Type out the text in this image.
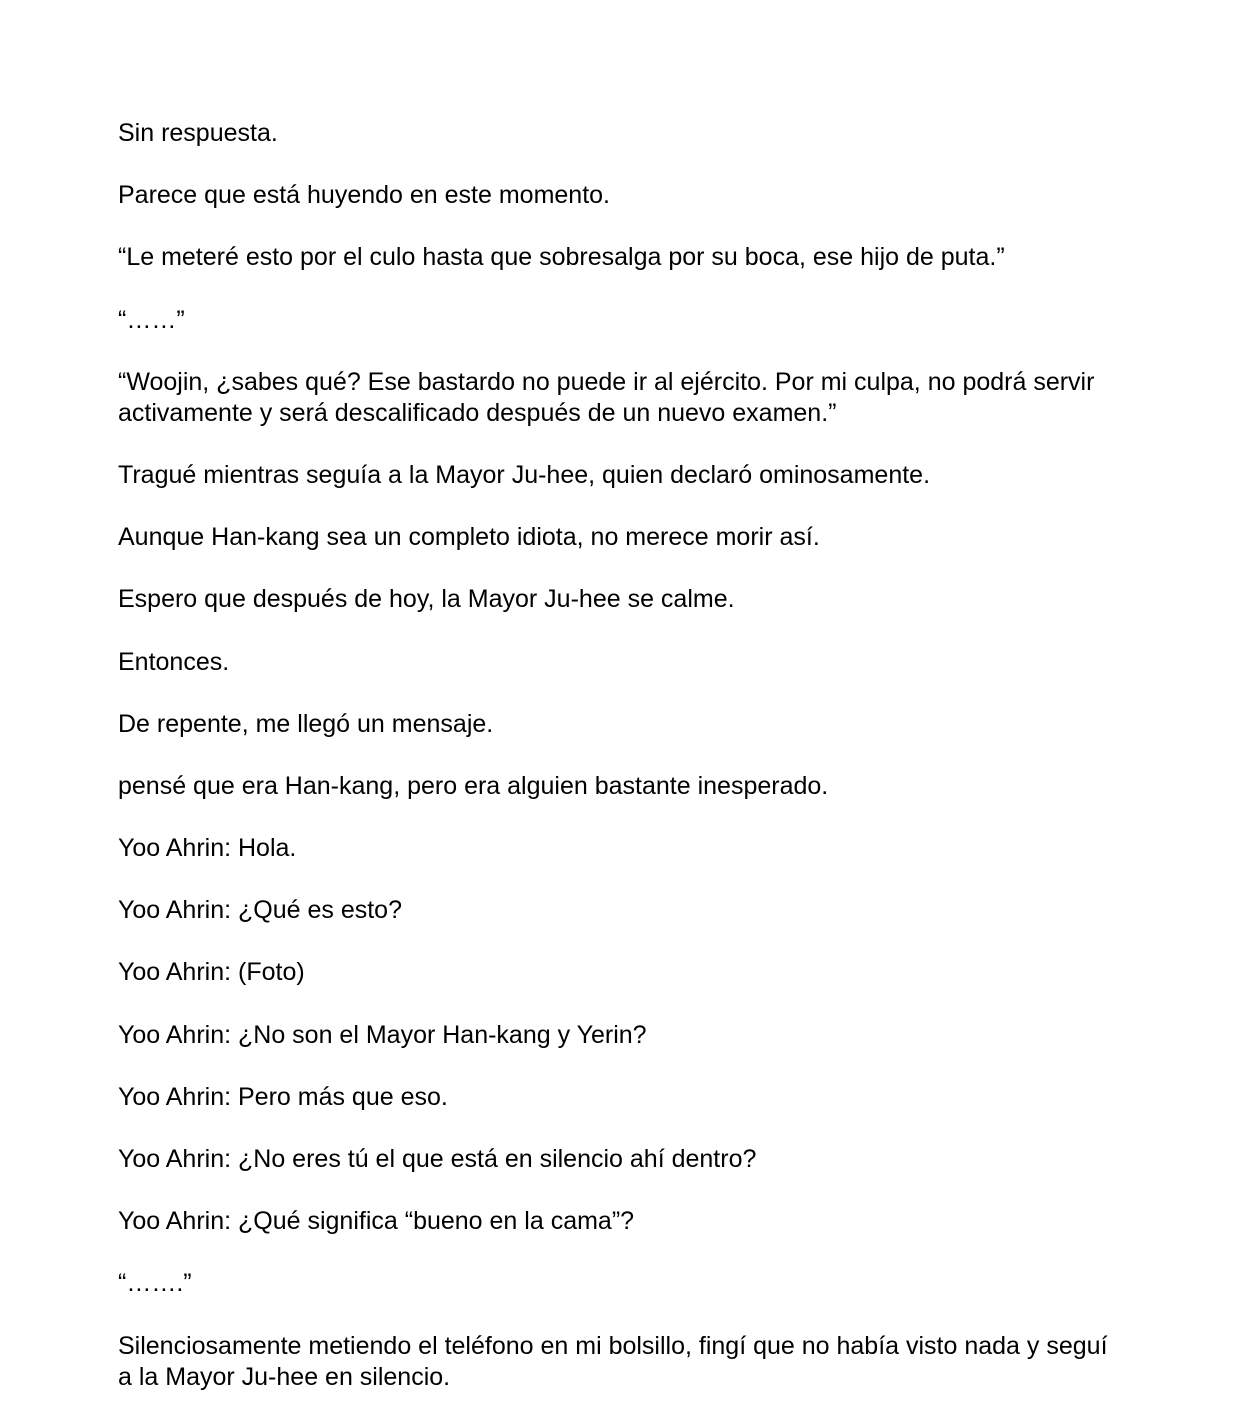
Sin respuesta.

Parece que está huyendo en este momento.

“Le meteré esto por el culo hasta que sobresalga por su boca, ese hijo de puta.”

“……”

“Woojin, ¿sabes qué? Ese bastardo no puede ir al ejército. Por mi culpa, no podrá servir activamente y será descalificado después de un nuevo examen.”

Tragué mientras seguía a la Mayor Ju-hee, quien declaró ominosamente.

Aunque Han-kang sea un completo idiota, no merece morir así.

Espero que después de hoy, la Mayor Ju-hee se calme.

Entonces.

De repente, me llegó un mensaje.

pensé que era Han-kang, pero era alguien bastante inesperado.

Yoo Ahrin: Hola.

Yoo Ahrin: ¿Qué es esto?

Yoo Ahrin: (Foto)

Yoo Ahrin: ¿No son el Mayor Han-kang y Yerin?

Yoo Ahrin: Pero más que eso.

Yoo Ahrin: ¿No eres tú el que está en silencio ahí dentro?

Yoo Ahrin: ¿Qué significa “bueno en la cama”?

“…….”

Silenciosamente metiendo el teléfono en mi bolsillo, fingí que no había visto nada y seguí a la Mayor Ju-hee en silencio.
